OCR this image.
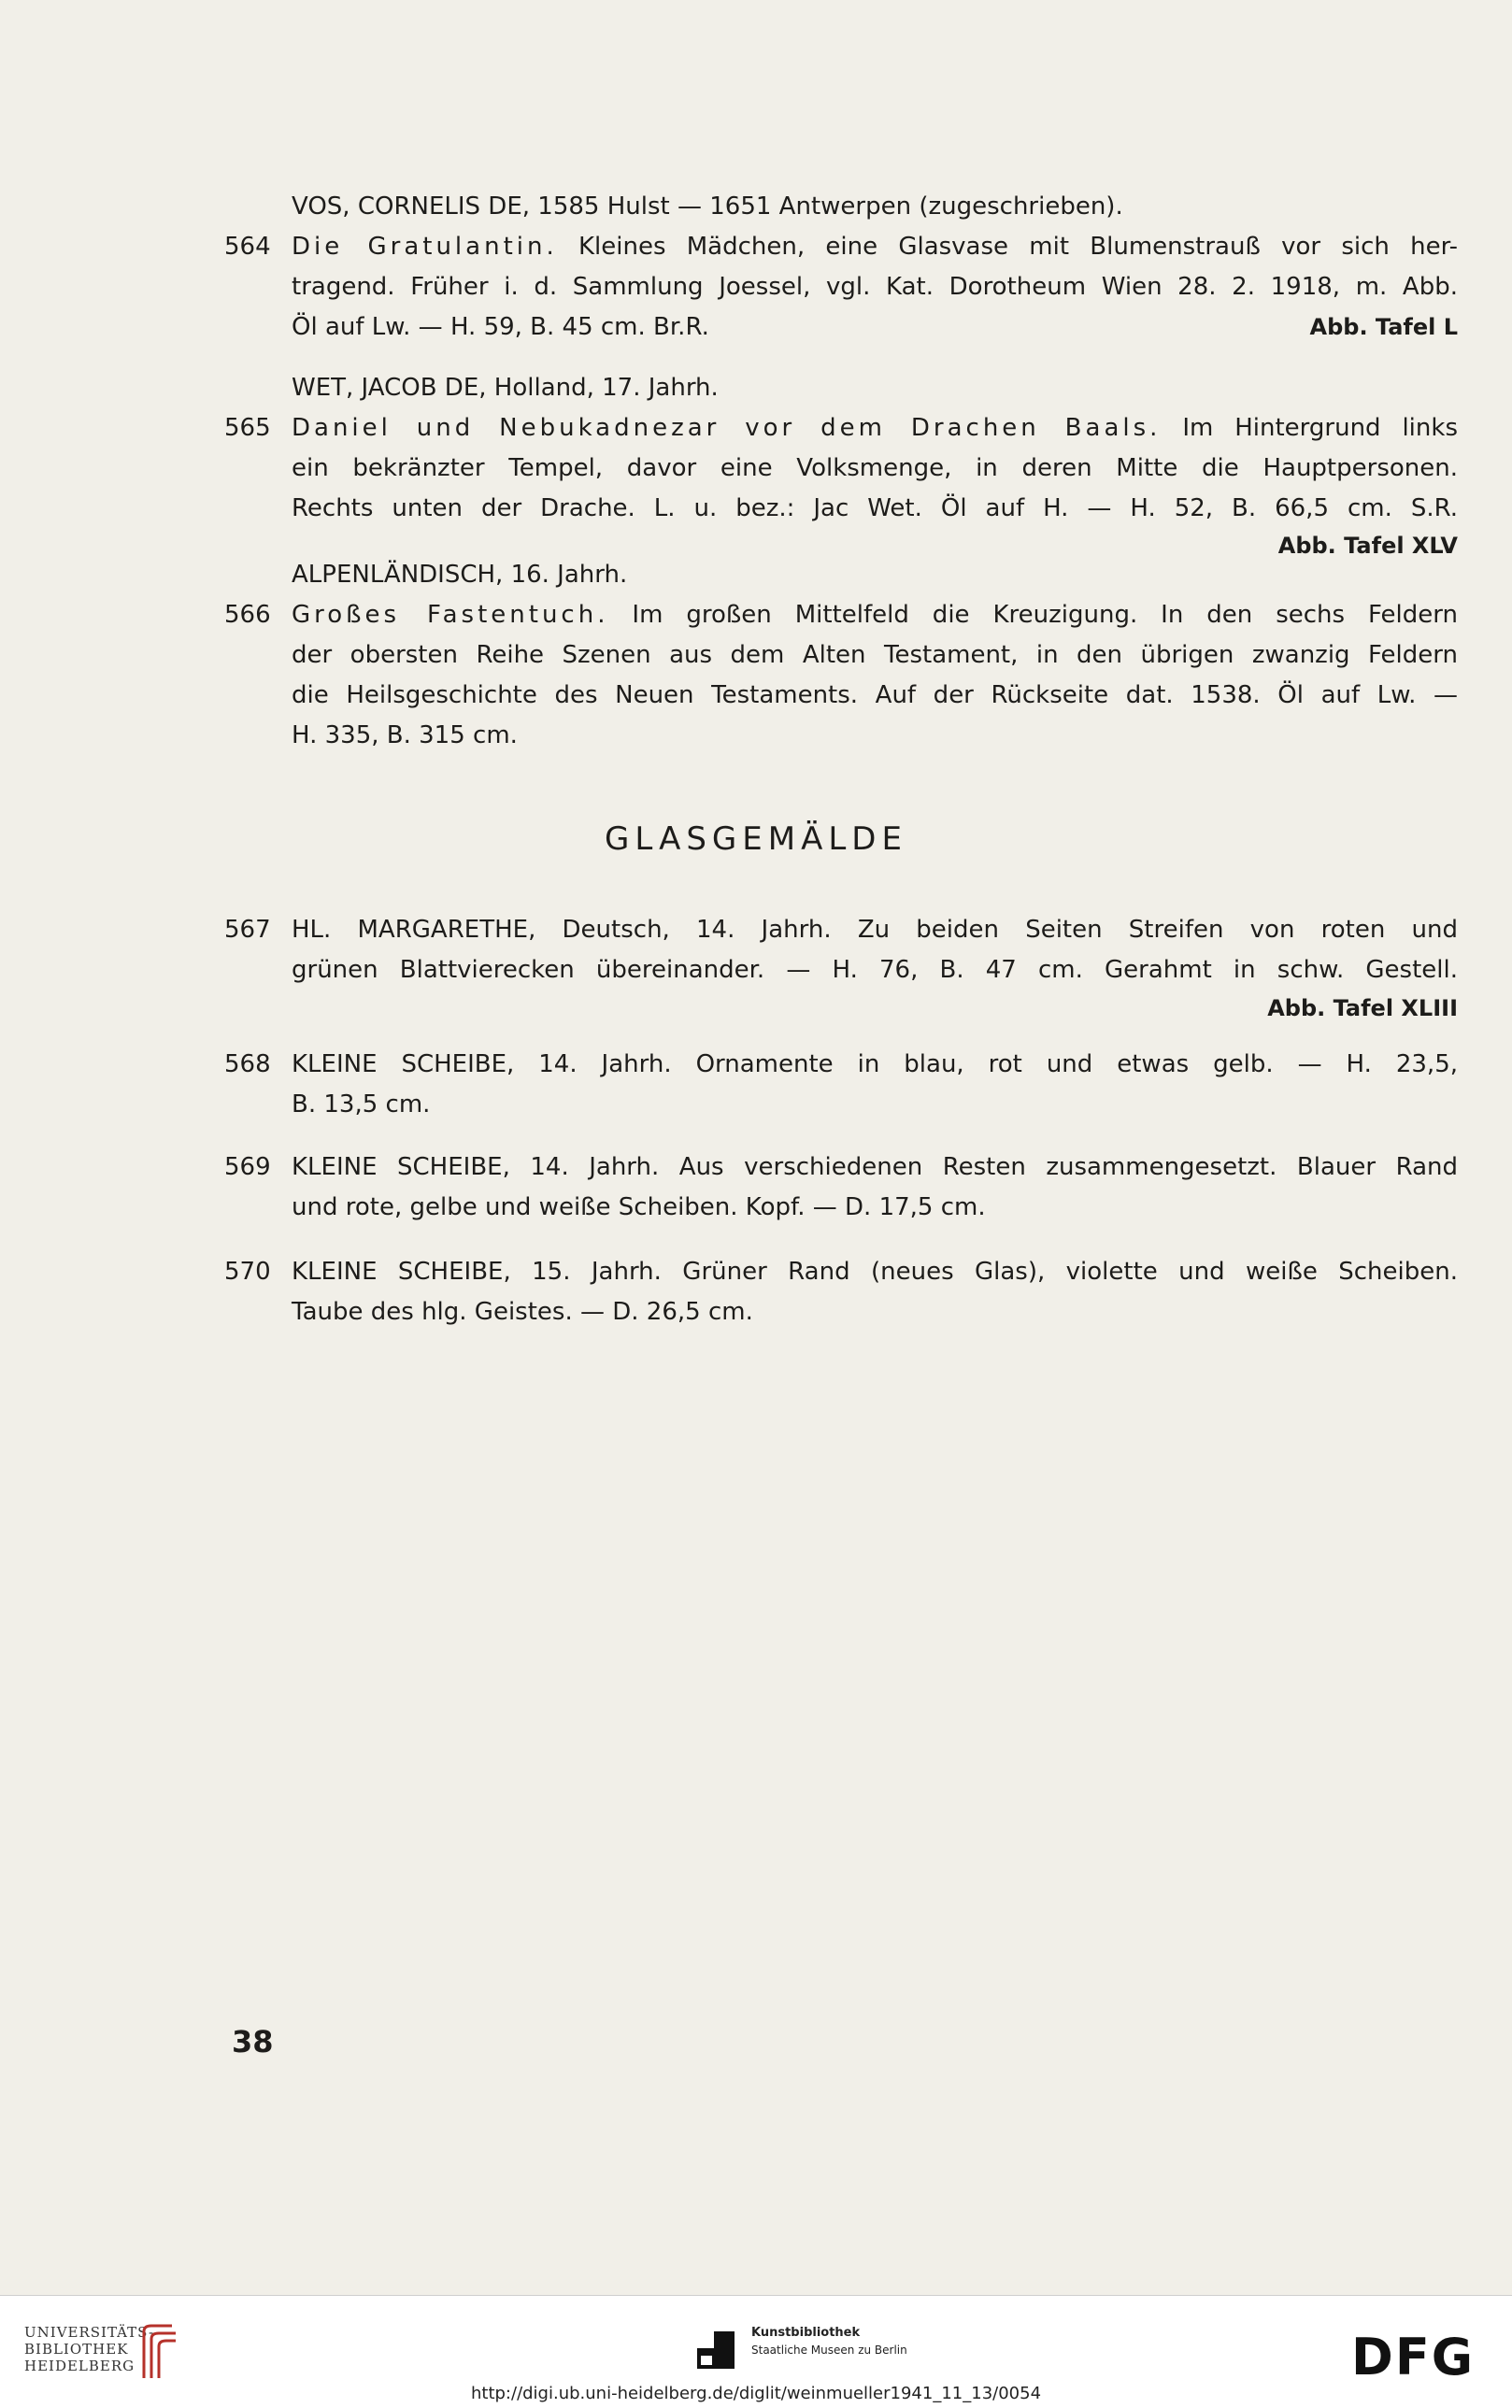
VOS, CORNELIS DE, 1585 Hulst — 1651 Antwerpen (zugeschrieben).
564 Die Gratulantin. Kleines Mädchen, eine Glasvase mit Blumenstrauß vor sich her-
tragend. Früher i. d. Sammlung Joessel, vgl. Kat. Dorotheum Wien 28. 2. 1918, m. Abb.
Öl auf Lw. — H. 59, B. 45 cm. Br.R.	Abb. Tafel L
WET, JACOB DE, Holland, 17. Jahrh.
565 Daniel und Nebukadnezar vor dem Drachen Baals. Im Hintergrund links
ein bekränzter Tempel, davor eine Volksmenge, in deren Mitte die Hauptpersonen.
Rechts unten der Drache. L. u. bez.: Jac Wet. Öl auf H. — H. 52, B. 66,5 cm. S.R.
Abb. Tafel XLV
ALPENLÄNDISCH, 16. Jahrh.
566 Großes Fastentuch. Im großen Mittelfeld die Kreuzigung. In den sechs Feldern
der obersten Reihe Szenen aus dem Alten Testament, in den übrigen zwanzig Feldern
die Heilsgeschichte des Neuen Testaments. Auf der Rückseite dat. 1538. Öl auf Lw. —
H. 335, B. 315 cm.
GLASGEMÄLDE
567 HL. MARGARETHE, Deutsch, 14. Jahrh. Zu beiden Seiten Streifen von roten und
grünen Blattvierecken übereinander. — H. 76, B. 47 cm. Gerahmt in schw. Gestell.
Abb. Tafel XLIII
568 KLEINE SCHEIBE, 14. Jahrh. Ornamente in blau, rot und etwas gelb. — H. 23,5,
B. 13,5 cm.
569 KLEINE SCHEIBE, 14. Jahrh. Aus verschiedenen Resten zusammengesetzt. Blauer Rand
und rote, gelbe und weiße Scheiben. Kopf. — D. 17,5 cm.
570 KLEINE SCHEIBE, 15. Jahrh. Grüner Rand (neues Glas), violette und weiße Scheiben.
Taube des hlg. Geistes. — D. 26,5 cm.
38
UNIVERSITÄTS-
BIBLIOTHEK
HEIDELBERG
Kunstbibliothek
Staatliche Museen zu Berlin	DFG
http://digi.ub.uni-heidelberg.de/diglit/weinmueller1941_11_13/0054
